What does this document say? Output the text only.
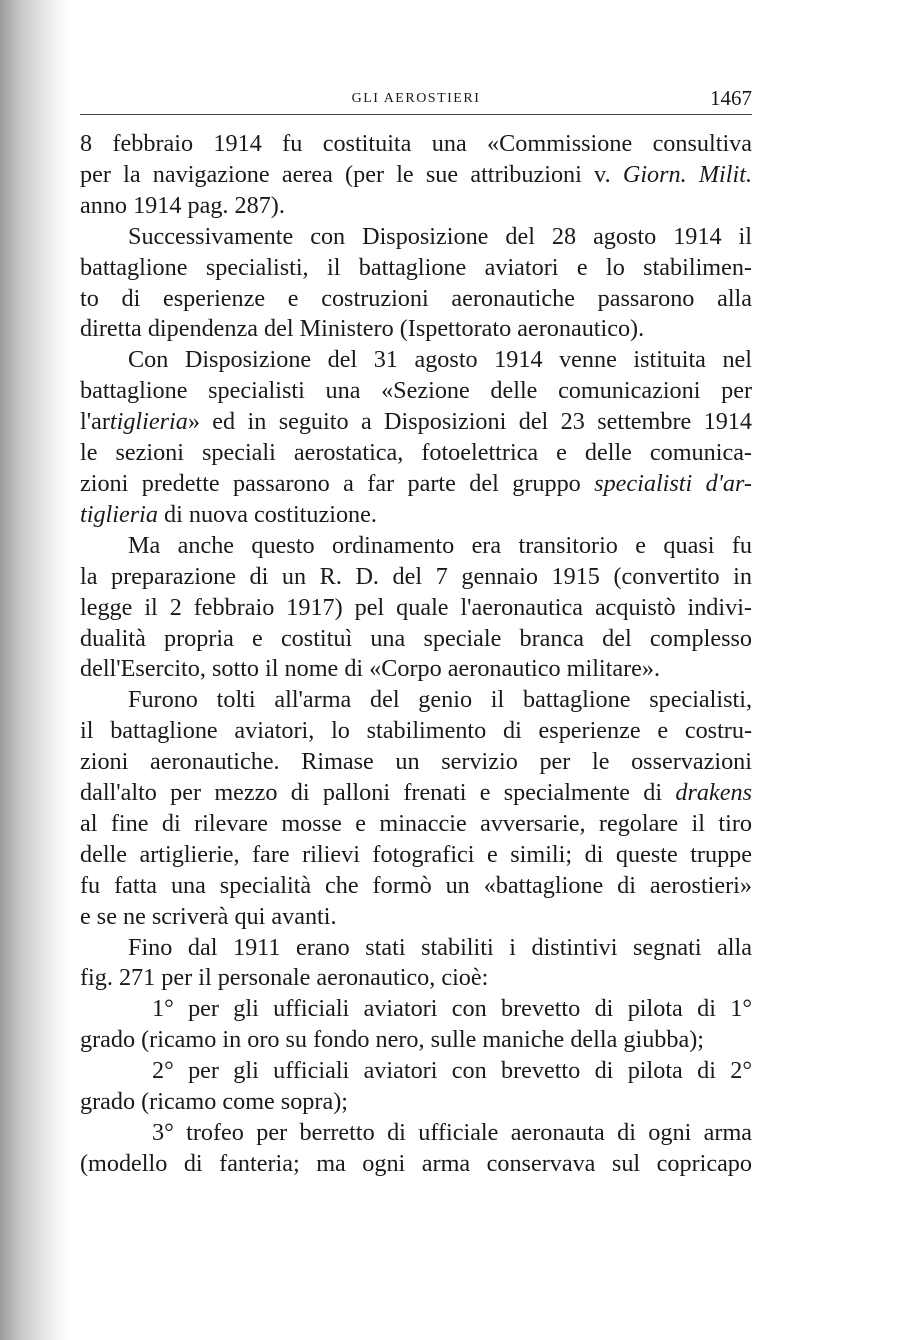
GLI AEROSTIERI	1467

8 febbraio 1914 fu costituita una «Commissione consultiva
per la navigazione aerea (per le sue attribuzioni v. Giorn. Milit.
anno 1914 pag. 287).

Successivamente con Disposizione del 28 agosto 1914 il
battaglione specialisti, il battaglione aviatori e lo stabilimen-
to di esperienze e costruzioni aeronautiche passarono alla
diretta dipendenza del Ministero (Ispettorato aeronautico).

Con Disposizione del 31 agosto 1914 venne istituita nel
battaglione specialisti una «Sezione delle comunicazioni per
l'artiglieria» ed in seguito a Disposizioni del 23 settembre 1914
le sezioni speciali aerostatica, fotoelettrica e delle comunica-
zioni predette passarono a far parte del gruppo specialisti d'ar-
tiglieria di nuova costituzione.

Ma anche questo ordinamento era transitorio e quasi fu
la preparazione di un R. D. del 7 gennaio 1915 (convertito in
legge il 2 febbraio 1917) pel quale l'aeronautica acquistò indivi-
dualità propria e costituì una speciale branca del complesso
dell'Esercito, sotto il nome di «Corpo aeronautico militare».

Furono tolti all'arma del genio il battaglione specialisti,
il battaglione aviatori, lo stabilimento di esperienze e costru-
zioni aeronautiche. Rimase un servizio per le osservazioni
dall'alto per mezzo di palloni frenati e specialmente di drakens
al fine di rilevare mosse e minaccie avversarie, regolare il tiro
delle artiglierie, fare rilievi fotografici e simili; di queste truppe
fu fatta una specialità che formò un «battaglione di aerostieri»
e se ne scriverà qui avanti.

Fino dal 1911 erano stati stabiliti i distintivi segnati alla
fig. 271 per il personale aeronautico, cioè:

1° per gli ufficiali aviatori con brevetto di pilota di 1°
grado (ricamo in oro su fondo nero, sulle maniche della giubba);

2° per gli ufficiali aviatori con brevetto di pilota di 2°
grado (ricamo come sopra);

3° trofeo per berretto di ufficiale aeronauta di ogni arma
(modello di fanteria; ma ogni arma conservava sul copricapo
